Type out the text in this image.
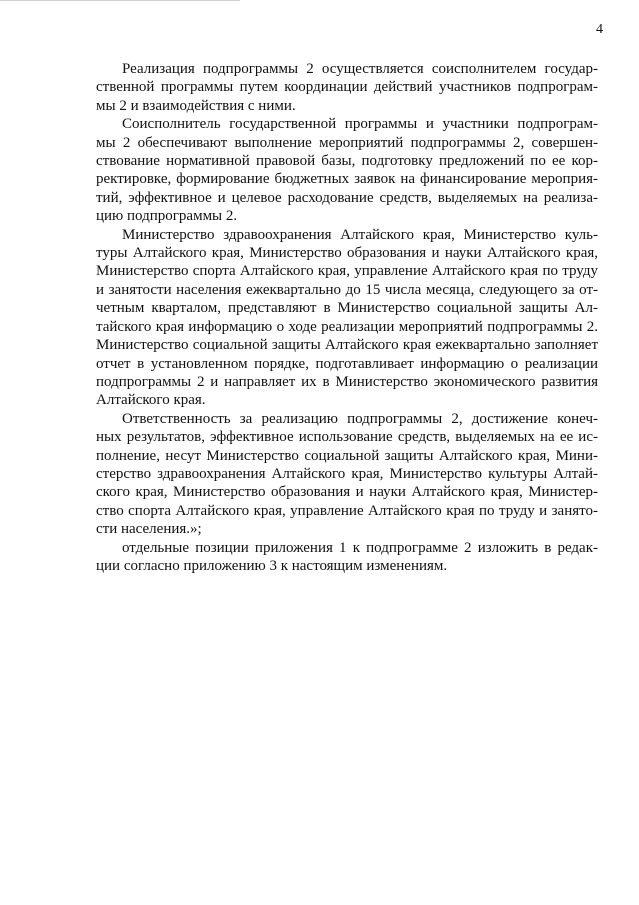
4
Реализация подпрограммы 2 осуществляется соисполнителем государ-
ственной программы путем координации действий участников подпрограм-
мы 2 и взаимодействия с ними.
Соисполнитель государственной программы и участники подпрограм-
мы 2 обеспечивают выполнение мероприятий подпрограммы 2, совершен-
ствование нормативной правовой базы, подготовку предложений по ее кор-
ректировке, формирование бюджетных заявок на финансирование мероприя-
тий, эффективное и целевое расходование средств, выделяемых на реализа-
цию подпрограммы 2.
Министерство здравоохранения Алтайского края, Министерство куль-
туры Алтайского края, Министерство образования и науки Алтайского края,
Министерство спорта Алтайского края, управление Алтайского края по труду
и занятости населения ежеквартально до 15 числа месяца, следующего за от-
четным кварталом, представляют в Министерство социальной защиты Ал-
тайского края информацию о ходе реализации мероприятий подпрограммы 2.
Министерство социальной защиты Алтайского края ежеквартально заполняет
отчет в установленном порядке, подготавливает информацию о реализации
подпрограммы 2 и направляет их в Министерство экономического развития
Алтайского края.
Ответственность за реализацию подпрограммы 2, достижение конеч-
ных результатов, эффективное использование средств, выделяемых на ее ис-
полнение, несут Министерство социальной защиты Алтайского края, Мини-
стерство здравоохранения Алтайского края, Министерство культуры Алтай-
ского края, Министерство образования и науки Алтайского края, Министер-
ство спорта Алтайского края, управление Алтайского края по труду и занято-
сти населения.»;
отдельные позиции приложения 1 к подпрограмме 2 изложить в редак-
ции согласно приложению 3 к настоящим изменениям.
